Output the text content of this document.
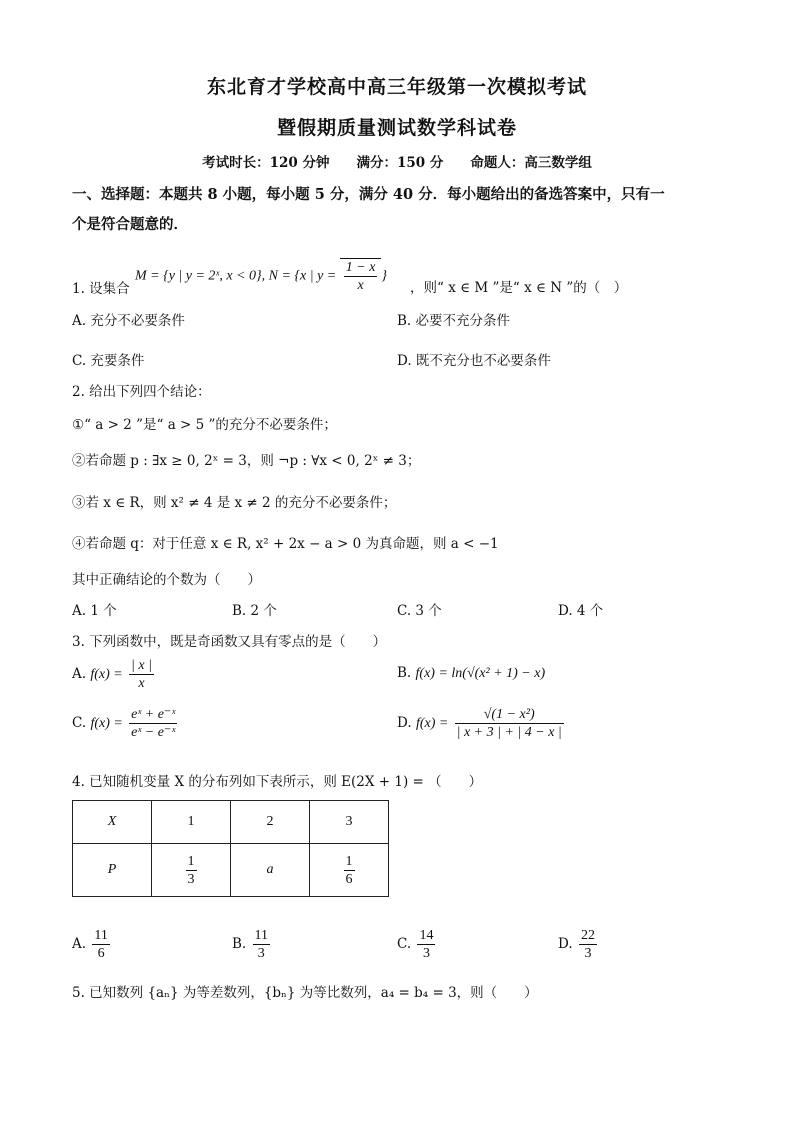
东北育才学校高中高三年级第一次模拟考试
暨假期质量测试数学科试卷
考试时长：120 分钟　　满分：150 分　　命题人：高三数学组
一、选择题：本题共 8 小题，每小题 5 分，满分 40 分．每小题给出的备选答案中，只有一
个是符合题意的．
M = {y | y = 2ˣ, x < 0}, N = {x | $y = \frac{1 - x}{x}$ }
1. 设集合	，则“ x ∈ M ”是“ x ∈ N ”的（　）
A. 充分不必要条件	B. 必要不充分条件
C. 充要条件	D. 既不充分也不必要条件
2. 给出下列四个结论：
①“ a > 2 ”是“ a > 5 ”的充分不必要条件；
②若命题 p : ∃x ≥ 0, 2ˣ = 3，则 ¬p : ∀x < 0, 2ˣ ≠ 3；
③若 x ∈ R，则 x² ≠ 4 是 x ≠ 2 的充分不必要条件；
④若命题 q：对于任意 x ∈ R, x² + 2x − a > 0 为真命题，则 a < −1
其中正确结论的个数为（　　）
A. 1 个	B. 2 个	C. 3 个	D. 4 个
3. 下列函数中，既是奇函数又具有零点的是（　　）
A. $f(x) = \frac{| x |}{x}$	B. f(x) = ln(√(x² + 1) − x)
C. $f(x) = \frac{\text{eˣ + e⁻ˣ}}{\text{eˣ − e⁻ˣ}}$	D. $f(x) = \frac{\text{√(1 − x²)}}{| x + 3 | + | 4 - x |}$
4. 已知随机变量 X 的分布列如下表所示，则 E(2X + 1) = （　　）
X	1	2	3
P	$\frac{1}{3}$	a	$\frac{1}{6}$
A. $\frac{11}{6}$	B. $\frac{11}{3}$	C. $\frac{14}{3}$	D. $\frac{22}{3}$
5. 已知数列 {aₙ} 为等差数列，{bₙ} 为等比数列，a₄ = b₄ = 3，则（　　）
